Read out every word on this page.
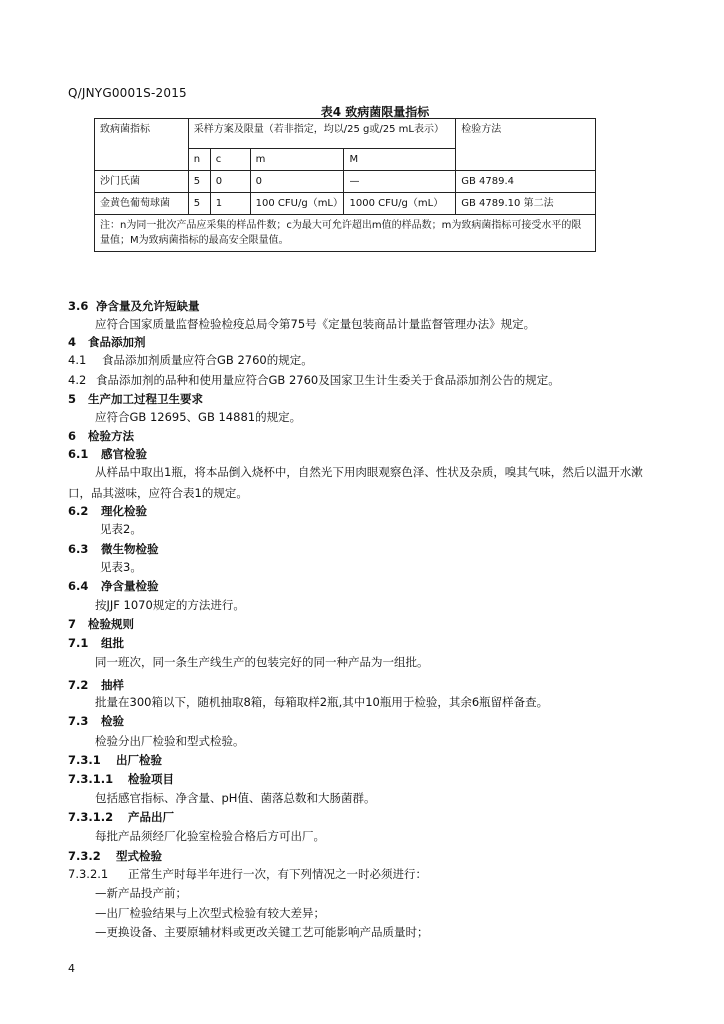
Q/JNYG0001S-2015
表4 致病菌限量指标
致病菌指标	采样方案及限量（若非指定，均以/25 g或/25 mL表示）				检验方法
	n	c	m	M	
沙门氏菌	5	0	0	—	GB 4789.4
金黄色葡萄球菌	5	1	100 CFU/g（mL）	1000 CFU/g（mL）	GB 4789.10 第二法
注：n为同一批次产品应采集的样品件数；c为最大可允许超出m值的样品数；m为致病菌指标可接受水平的限量值；M为致病菌指标的最高安全限量值。					
3.6 净含量及允许短缺量
应符合国家质量监督检验检疫总局令第75号《定量包装商品计量监督管理办法》规定。
4 食品添加剂
4.1 食品添加剂质量应符合GB 2760的规定。
4.2 食品添加剂的品种和使用量应符合GB 2760及国家卫生计生委关于食品添加剂公告的规定。
5 生产加工过程卫生要求
应符合GB 12695、GB 14881的规定。
6 检验方法
6.1 感官检验
从样品中取出1瓶，将本品倒入烧杯中，自然光下用肉眼观察色泽、性状及杂质，嗅其气味，然后以温开水漱口，品其滋味，应符合表1的规定。
6.2 理化检验
见表2。
6.3 微生物检验
见表3。
6.4 净含量检验
按JJF 1070规定的方法进行。
7 检验规则
7.1 组批
同一班次，同一条生产线生产的包装完好的同一种产品为一组批。
7.2 抽样
批量在300箱以下，随机抽取8箱，每箱取样2瓶,其中10瓶用于检验，其余6瓶留样备查。
7.3 检验
检验分出厂检验和型式检验。
7.3.1 出厂检验
7.3.1.1 检验项目
包括感官指标、净含量、pH值、菌落总数和大肠菌群。
7.3.1.2 产品出厂
每批产品须经厂化验室检验合格后方可出厂。
7.3.2 型式检验
7.3.2.1 正常生产时每半年进行一次，有下列情况之一时必须进行：
—新产品投产前；
—出厂检验结果与上次型式检验有较大差异；
—更换设备、主要原辅材料或更改关键工艺可能影响产品质量时；
4
